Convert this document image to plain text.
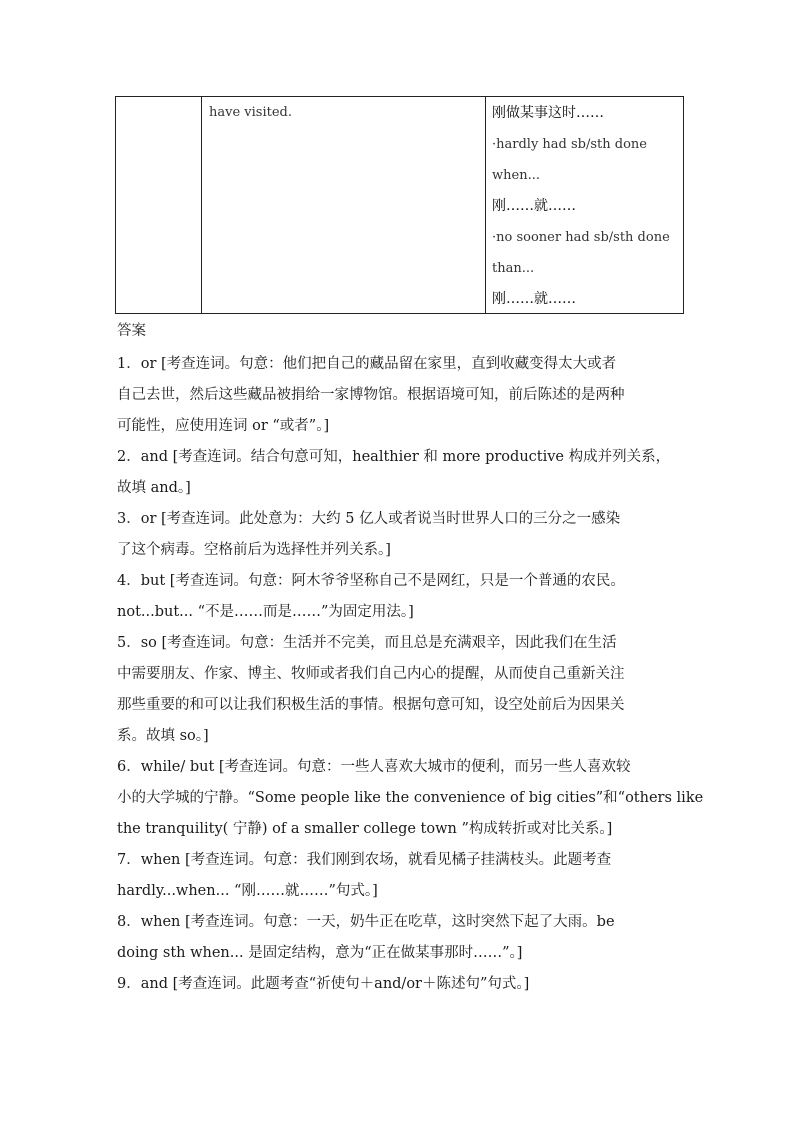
have visited.	刚做某事这时……
·hardly had sb/sth done
when...
刚……就……
·no sooner had sb/sth done
than...
刚……就……
答案
1．or [考查连词。句意：他们把自己的藏品留在家里，直到收藏变得太大或者
自己去世，然后这些藏品被捐给一家博物馆。根据语境可知，前后陈述的是两种
可能性，应使用连词 or “或者”。]
2．and [考查连词。结合句意可知，healthier 和 more productive 构成并列关系，
故填 and。]
3．or [考查连词。此处意为：大约 5 亿人或者说当时世界人口的三分之一感染
了这个病毒。空格前后为选择性并列关系。]
4．but [考查连词。句意：阿木爷爷坚称自己不是网红，只是一个普通的农民。
not...but... “不是……而是……”为固定用法。]
5．so [考查连词。句意：生活并不完美，而且总是充满艰辛，因此我们在生活
中需要朋友、作家、博主、牧师或者我们自己内心的提醒，从而使自己重新关注
那些重要的和可以让我们积极生活的事情。根据句意可知，设空处前后为因果关
系。故填 so。]
6．while/ but [考查连词。句意：一些人喜欢大城市的便利，而另一些人喜欢较
小的大学城的宁静。“Some people like the convenience of big cities”和“others like
the tranquility( 宁静) of a smaller college town ”构成转折或对比关系。]
7．when [考查连词。句意：我们刚到农场，就看见橘子挂满枝头。此题考查
hardly...when... “刚……就……”句式。]
8．when [考查连词。句意：一天，奶牛正在吃草，这时突然下起了大雨。be
doing sth when... 是固定结构，意为“正在做某事那时……”。]
9．and [考查连词。此题考查“祈使句＋and/or＋陈述句”句式。]
